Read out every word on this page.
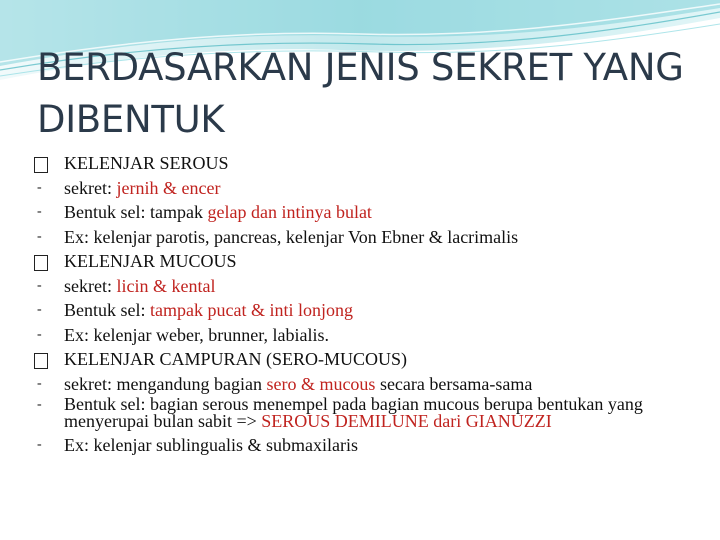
BERDASARKAN JENIS SEKRET YANG DIBENTUK
KELENJAR SEROUS
-	sekret: jernih & encer
-	Bentuk sel: tampak gelap dan intinya bulat
-	Ex: kelenjar parotis, pancreas, kelenjar Von Ebner & lacrimalis
KELENJAR MUCOUS
-	sekret: licin & kental
-	Bentuk sel: tampak pucat & inti lonjong
-	Ex: kelenjar weber, brunner, labialis.
KELENJAR CAMPURAN (SERO-MUCOUS)
-	sekret: mengandung bagian sero & mucous secara bersama-sama
-	Bentuk sel: bagian serous menempel pada bagian mucous berupa bentukan yang menyerupai bulan sabit => SEROUS DEMILUNE dari GIANUZZI
-	Ex: kelenjar sublingualis & submaxilaris
